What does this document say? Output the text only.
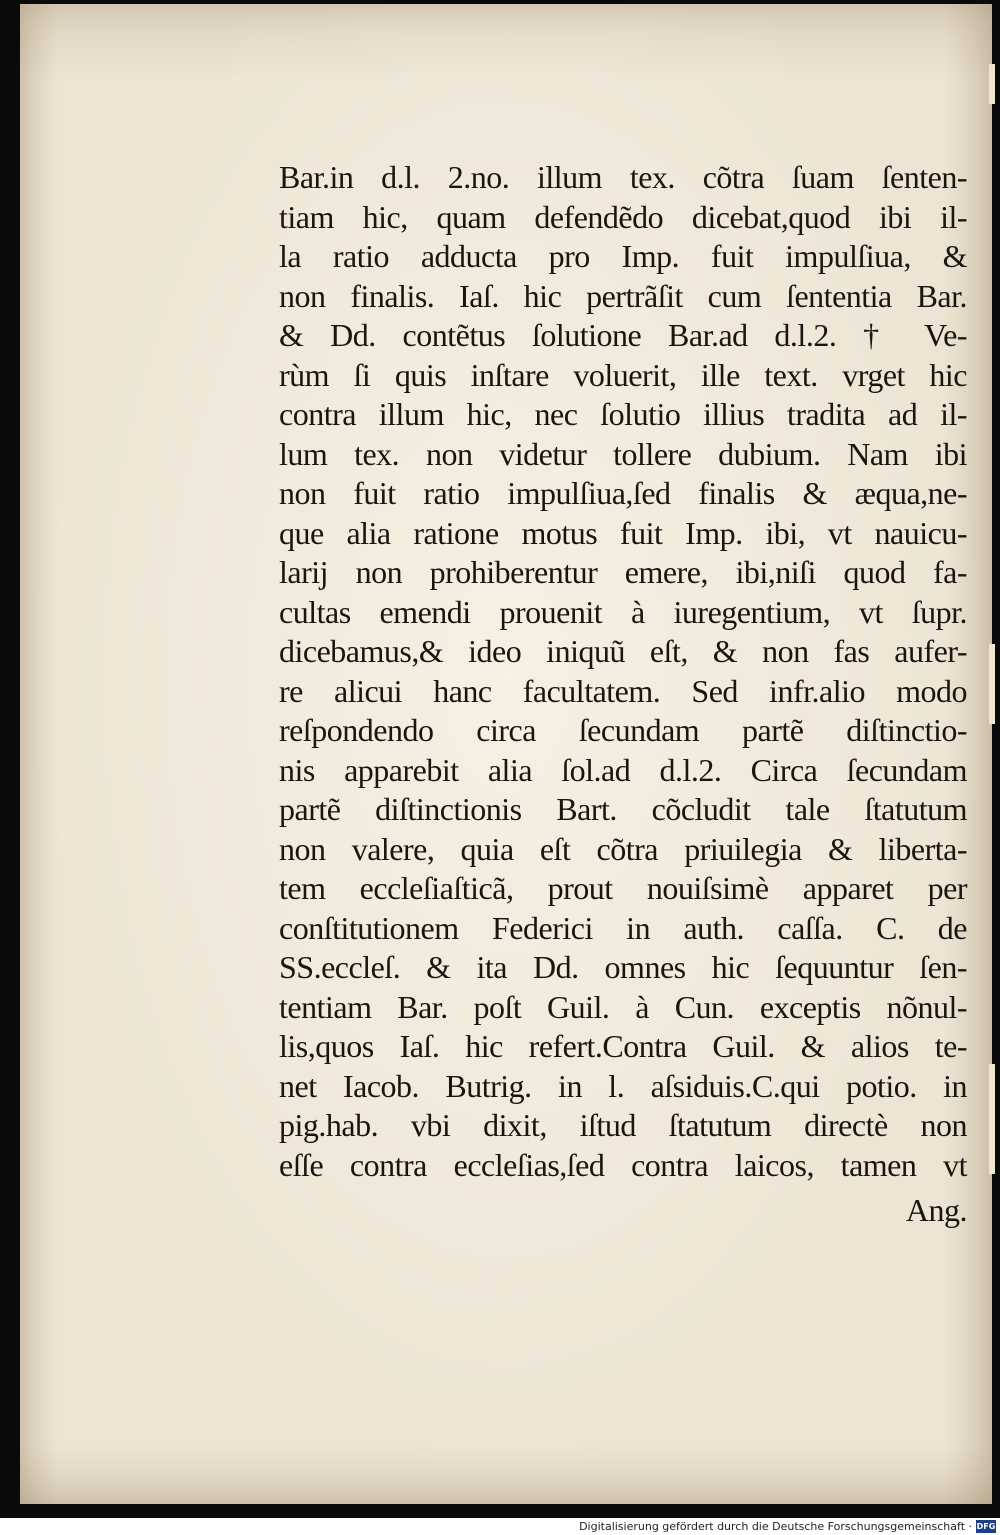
Bar.in d.l. 2.no. illum tex. cõtra ſuam ſenten-
tiam hic, quam defendẽdo dicebat,quod ibi il-
la ratio adducta pro Imp. fuit impulſiua, &
non finalis. Iaſ. hic pertrãſit cum ſententia Bar.
& Dd. contẽtus ſolutione Bar.ad d.l.2. † Ve-
rùm ſi quis inſtare voluerit, ille text. vrget hic
contra illum hic, nec ſolutio illius tradita ad il-
lum tex. non videtur tollere dubium. Nam ibi
non fuit ratio impulſiua,ſed finalis & æqua,ne-
que alia ratione motus fuit Imp. ibi, vt nauicu-
larij non prohiberentur emere, ibi,niſi quod fa-
cultas emendi prouenit à iuregentium, vt ſupr.
dicebamus,& ideo iniquũ eſt, & non fas aufer-
re alicui hanc facultatem. Sed infr.alio modo
reſpondendo circa ſecundam partẽ diſtinctio-
nis apparebit alia ſol.ad d.l.2. Circa ſecundam
partẽ diſtinctionis Bart. cõcludit tale ſtatutum
non valere, quia eſt cõtra priuilegia & liberta-
tem eccleſiaſticã, prout nouiſsimè apparet per
conſtitutionem Federici in auth. caſſa. C. de
SS.eccleſ. & ita Dd. omnes hic ſequuntur ſen-
tentiam Bar. poſt Guil. à Cun. exceptis nõnul-
lis,quos Iaſ. hic refert.Contra Guil. & alios te-
net Iacob. Butrig. in l. aſsiduis.C.qui potio. in
pig.hab. vbi dixit, iſtud ſtatutum directè non
eſſe contra eccleſias,ſed contra laicos, tamen vt
Ang.
Digitalisierung gefördert durch die Deutsche Forschungsgemeinschaft · DFG
